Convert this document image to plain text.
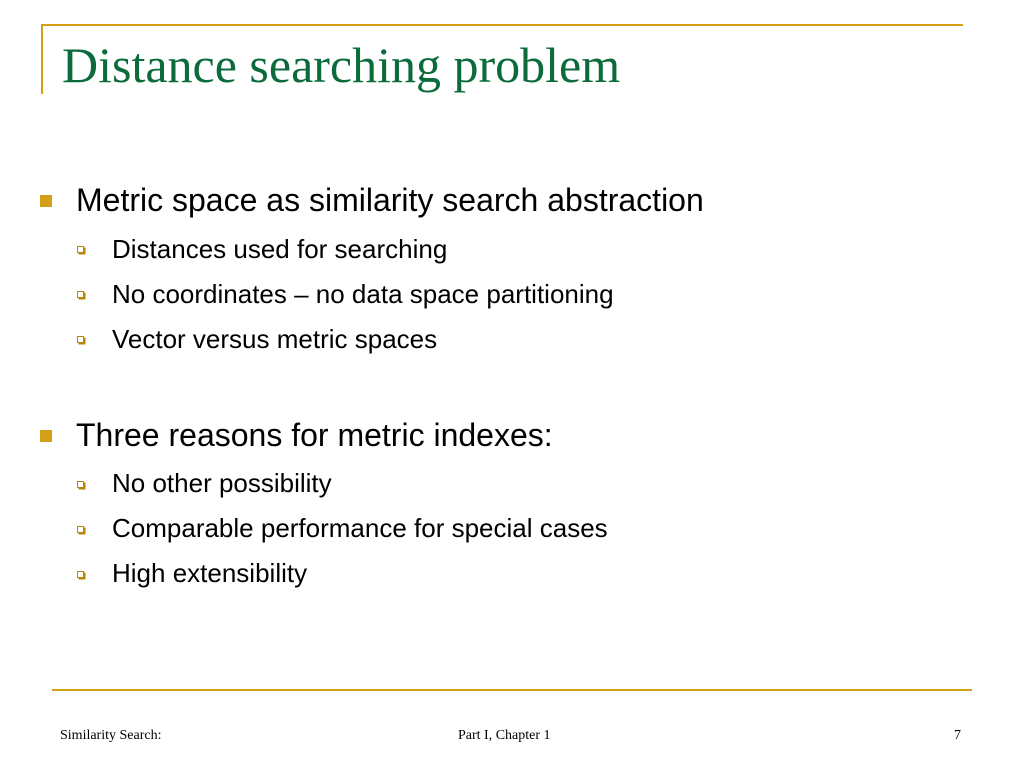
Distance searching problem
Metric space as similarity search abstraction
Distances used for searching
No coordinates – no data space partitioning
Vector versus metric spaces
Three reasons for metric indexes:
No other possibility
Comparable performance for special cases
High extensibility
Similarity Search:	Part I, Chapter 1	7
